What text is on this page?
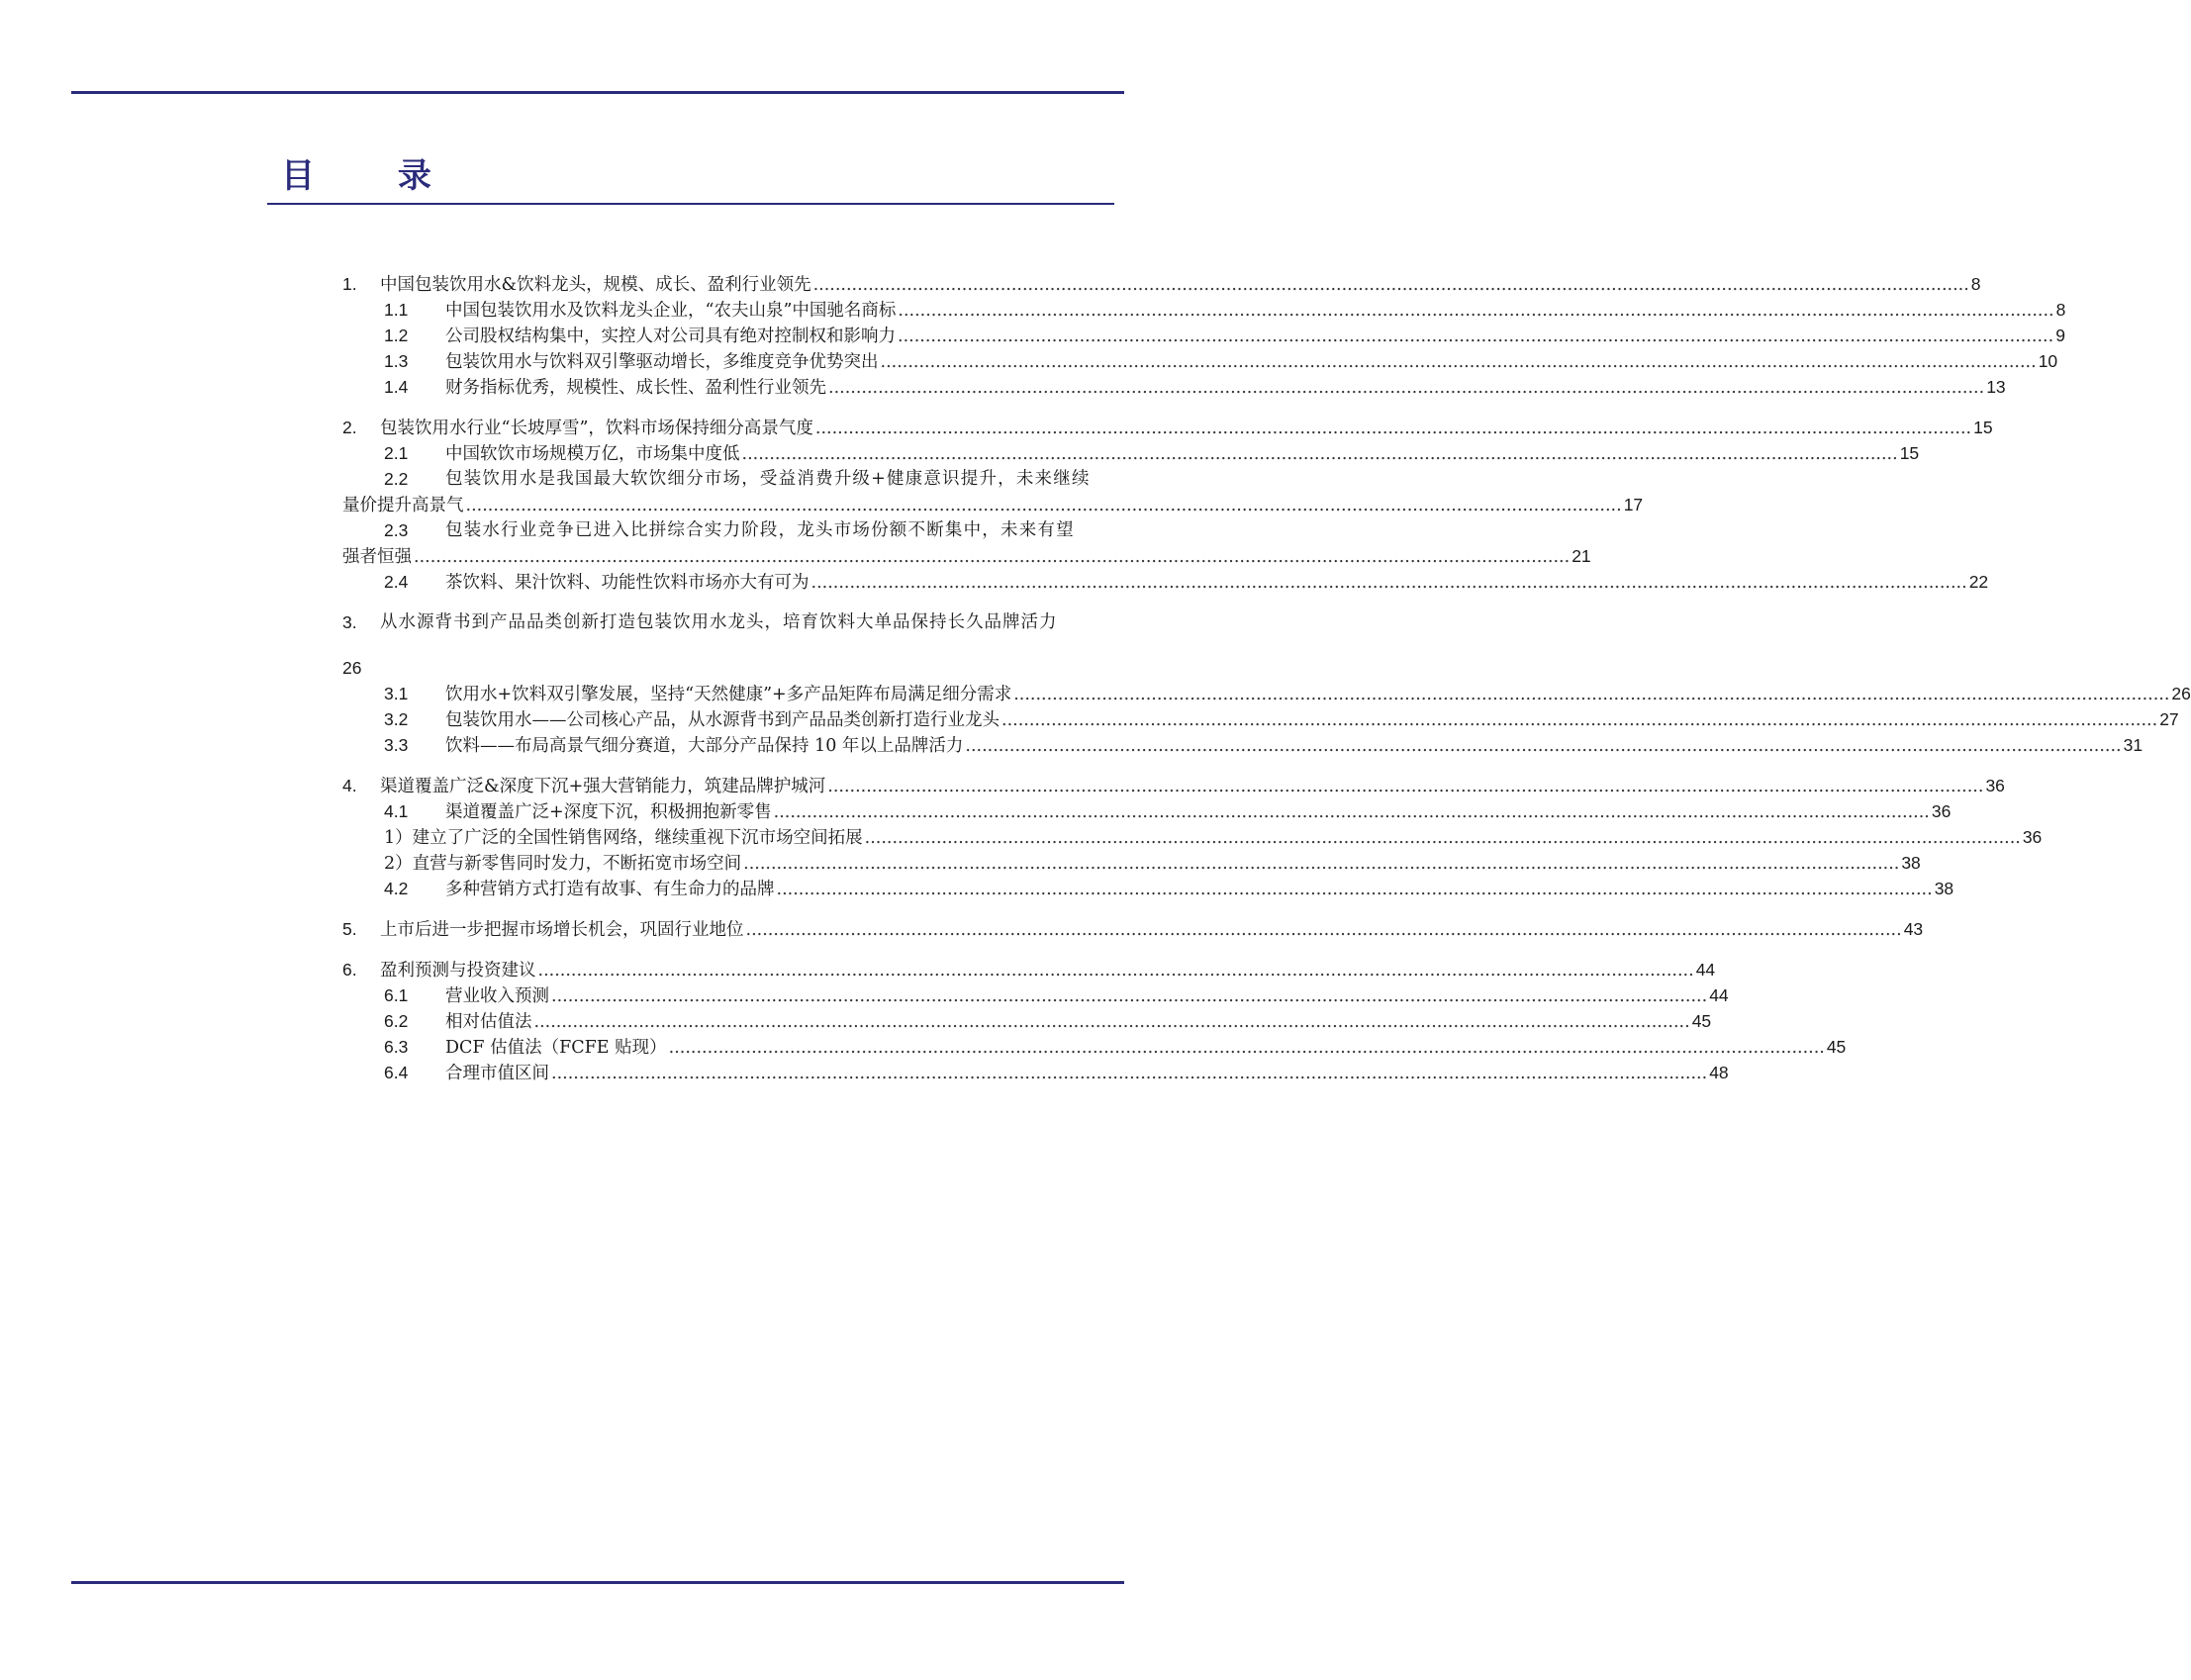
目 录
1.	中国包装饮用水&饮料龙头，规模、成长、盈利行业领先 .....	8
1.1	中国包装饮用水及饮料龙头企业，“农夫山泉”中国驰名商标 .....	8
1.2	公司股权结构集中，实控人对公司具有绝对控制权和影响力 .....	9
1.3	包装饮用水与饮料双引擎驱动增长，多维度竞争优势突出 .....	10
1.4	财务指标优秀，规模性、成长性、盈利性行业领先 .....	13
2.	包装饮用水行业“长坡厚雪”，饮料市场保持细分高景气度 .....	15
2.1	中国软饮市场规模万亿，市场集中度低 .....	15
2.2	包装饮用水是我国最大软饮细分市场，受益消费升级+健康意识提升，未来继续
量价提升高景气 .....	17
2.3	包装水行业竞争已进入比拼综合实力阶段，龙头市场份额不断集中，未来有望
强者恒强 .....	21
2.4	茶饮料、果汁饮料、功能性饮料市场亦大有可为 .....	22
3.	从水源背书到产品品类创新打造包装饮用水龙头，培育饮料大单品保持长久品牌活力
26
3.1	饮用水+饮料双引擎发展，坚持“天然健康”+多产品矩阵布局满足细分需求 .....	26
3.2	包装饮用水——公司核心产品，从水源背书到产品品类创新打造行业龙头 .....	27
3.3	饮料——布局高景气细分赛道，大部分产品保持 10 年以上品牌活力 .....	31
4.	渠道覆盖广泛&深度下沉+强大营销能力，筑建品牌护城河 .....	36
4.1	渠道覆盖广泛+深度下沉，积极拥抱新零售 .....	36
1）建立了广泛的全国性销售网络，继续重视下沉市场空间拓展 .....	36
2）直营与新零售同时发力，不断拓宽市场空间 .....	38
4.2	多种营销方式打造有故事、有生命力的品牌 .....	38
5.	上市后进一步把握市场增长机会，巩固行业地位 .....	43
6.	盈利预测与投资建议 .....	44
6.1	营业收入预测 .....	44
6.2	相对估值法 .....	45
6.3	DCF 估值法（FCFE 贴现） .....	45
6.4	合理市值区间 .....	48
